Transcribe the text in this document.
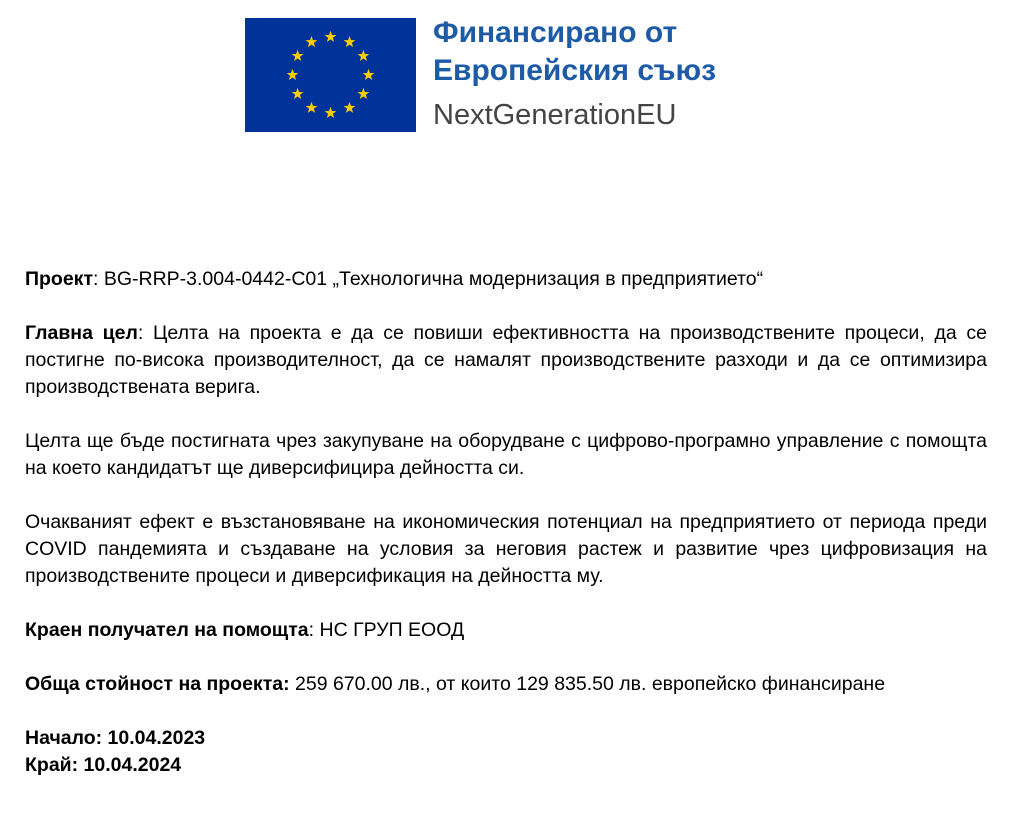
Финансирано от
Европейския съюз
NextGenerationEU

Проект: BG-RRP-3.004-0442-C01 „Технологична модернизация в предприятието“

Главна цел: Целта на проекта е да се повиши ефективността на производствените процеси, да се постигне по-висока производителност, да се намалят производствените разходи и да се оптимизира производствената верига.

Целта ще бъде постигната чрез закупуване на оборудване с цифрово-програмно управление с помощта на което кандидатът ще диверсифицира дейността си.

Очакваният ефект е възстановяване на икономическия потенциал на предприятието от периода преди COVID пандемията и създаване на условия за неговия растеж и развитие чрез цифровизация на производствените процеси и диверсификация на дейността му.

Краен получател на помощта: НС ГРУП ЕООД

Обща стойност на проекта: 259 670.00 лв., от които 129 835.50 лв. европейско финансиране

Начало: 10.04.2023
Край: 10.04.2024
